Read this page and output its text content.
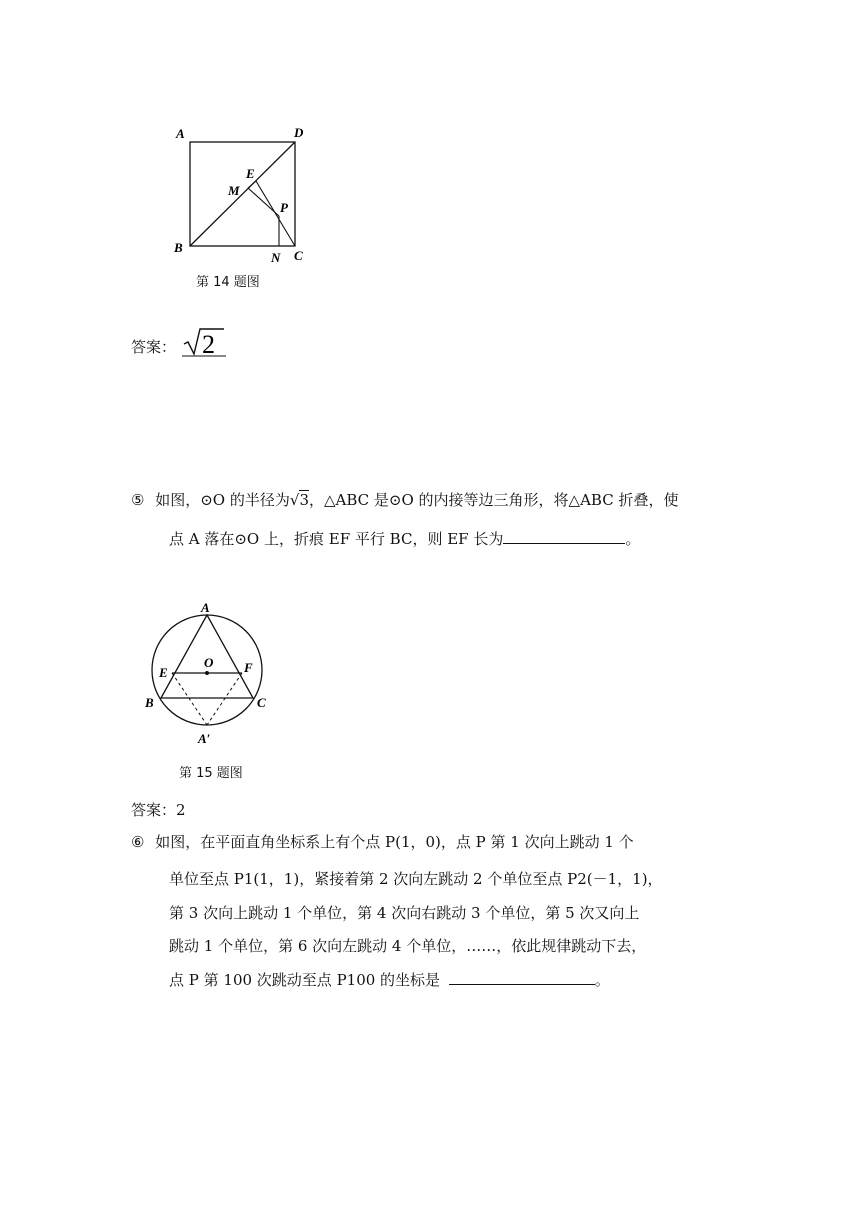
A	D
E
M
P
B
N C
第 14 题图
答案： 2
⑤ 如图，⊙O 的半径为√3，△ABC 是⊙O 的内接等边三角形，将△ABC 折叠，使
点 A 落在⊙O 上，折痕 EF 平行 BC，则 EF 长为	。
A
O
E	F
B	C
A′
第 15 题图
答案：2
⑥ 如图，在平面直角坐标系上有个点 P(1，0)，点 P 第 1 次向上跳动 1 个
单位至点 P1(1，1)，紧接着第 2 次向左跳动 2 个单位至点 P2(－1，1)，
第 3 次向上跳动 1 个单位，第 4 次向右跳动 3 个单位，第 5 次又向上
跳动 1 个单位，第 6 次向左跳动 4 个单位，……，依此规律跳动下去，
点 P 第 100 次跳动至点 P100 的坐标是	。
